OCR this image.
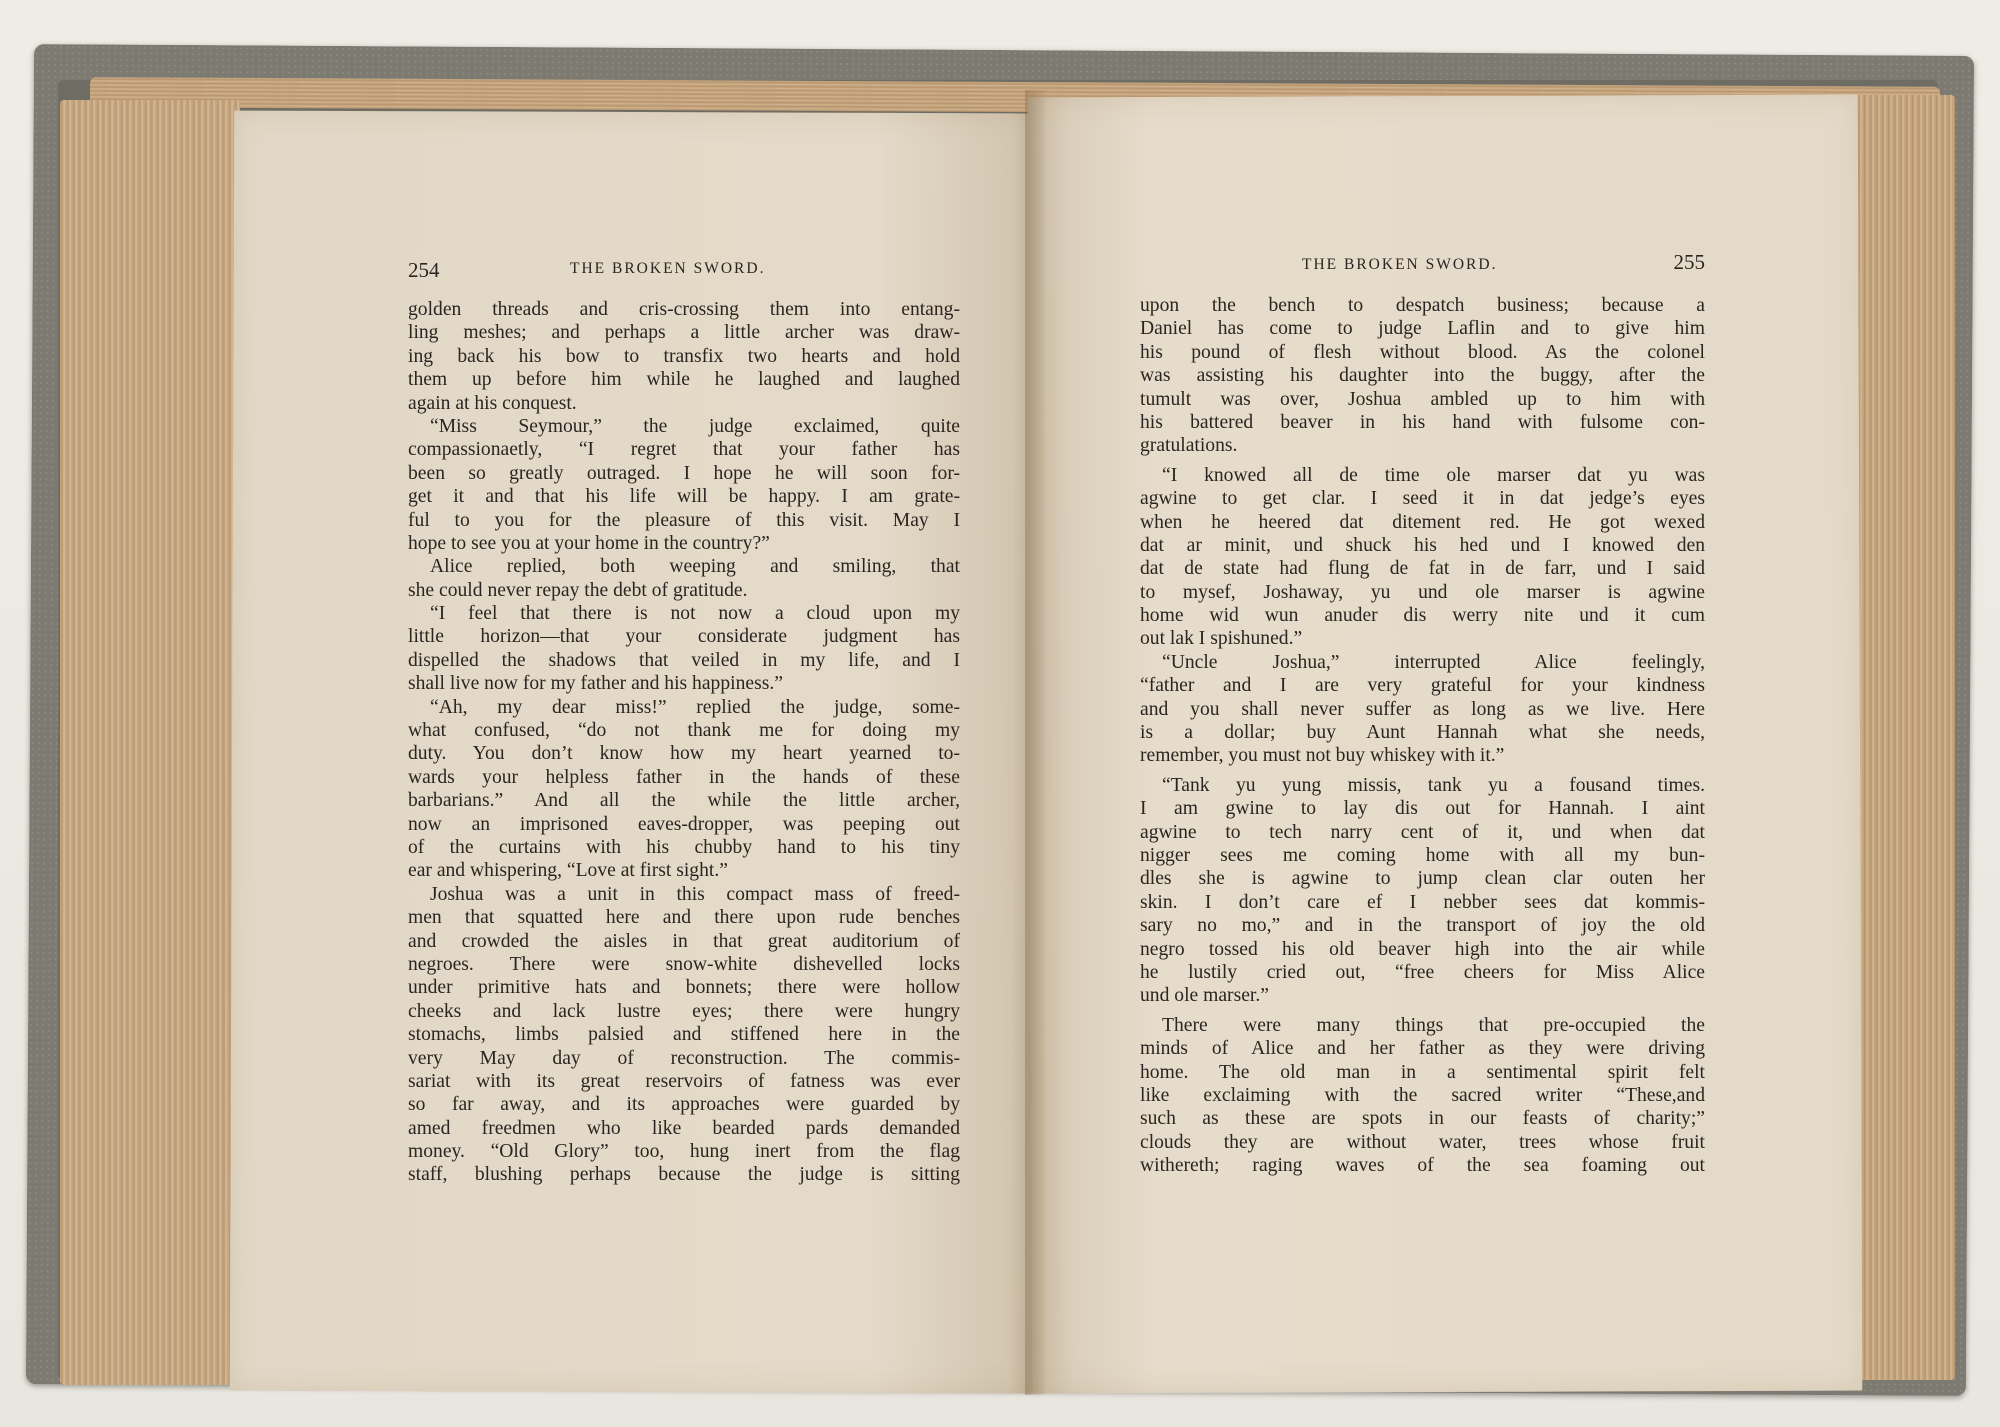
254	THE BROKEN SWORD.
golden threads and cris-crossing them into entang-
ling meshes; and perhaps a little archer was draw-
ing back his bow to transfix two hearts and hold
them up before him while he laughed and laughed
again at his conquest.
“Miss Seymour,” the judge exclaimed, quite
compassionaetly, “I regret that your father has
been so greatly outraged. I hope he will soon for-
get it and that his life will be happy. I am grate-
ful to you for the pleasure of this visit. May I
hope to see you at your home in the country?”
Alice replied, both weeping and smiling, that
she could never repay the debt of gratitude.
“I feel that there is not now a cloud upon my
little horizon—that your considerate judgment has
dispelled the shadows that veiled in my life, and I
shall live now for my father and his happiness.”
“Ah, my dear miss!” replied the judge, some-
what confused, “do not thank me for doing my
duty. You don’t know how my heart yearned to-
wards your helpless father in the hands of these
barbarians.” And all the while the little archer,
now an imprisoned eaves-dropper, was peeping out
of the curtains with his chubby hand to his tiny
ear and whispering, “Love at first sight.”
Joshua was a unit in this compact mass of freed-
men that squatted here and there upon rude benches
and crowded the aisles in that great auditorium of
negroes. There were snow-white dishevelled locks
under primitive hats and bonnets; there were hollow
cheeks and lack lustre eyes; there were hungry
stomachs, limbs palsied and stiffened here in the
very May day of reconstruction. The commis-
sariat with its great reservoirs of fatness was ever
so far away, and its approaches were guarded by
amed freedmen who like bearded pards demanded
money. “Old Glory” too, hung inert from the flag
staff, blushing perhaps because the judge is sitting
THE BROKEN SWORD.	255
upon the bench to despatch business; because a
Daniel has come to judge Laflin and to give him
his pound of flesh without blood. As the colonel
was assisting his daughter into the buggy, after the
tumult was over, Joshua ambled up to him with
his battered beaver in his hand with fulsome con-
gratulations.
“I knowed all de time ole marser dat yu was
agwine to get clar. I seed it in dat jedge’s eyes
when he heered dat ditement red. He got wexed
dat ar minit, und shuck his hed und I knowed den
dat de state had flung de fat in de farr, und I said
to mysef, Joshaway, yu und ole marser is agwine
home wid wun anuder dis werry nite und it cum
out lak I spishuned.”
“Uncle Joshua,” interrupted Alice feelingly,
“father and I are very grateful for your kindness
and you shall never suffer as long as we live. Here
is a dollar; buy Aunt Hannah what she needs,
remember, you must not buy whiskey with it.”
“Tank yu yung missis, tank yu a fousand times.
I am gwine to lay dis out for Hannah. I aint
agwine to tech narry cent of it, und when dat
nigger sees me coming home with all my bun-
dles she is agwine to jump clean clar outen her
skin. I don’t care ef I nebber sees dat kommis-
sary no mo,” and in the transport of joy the old
negro tossed his old beaver high into the air while
he lustily cried out, “free cheers for Miss Alice
und ole marser.”
There were many things that pre-occupied the
minds of Alice and her father as they were driving
home. The old man in a sentimental spirit felt
like exclaiming with the sacred writer “These,and
such as these are spots in our feasts of charity;”
clouds they are without water, trees whose fruit
withereth; raging waves of the sea foaming out
